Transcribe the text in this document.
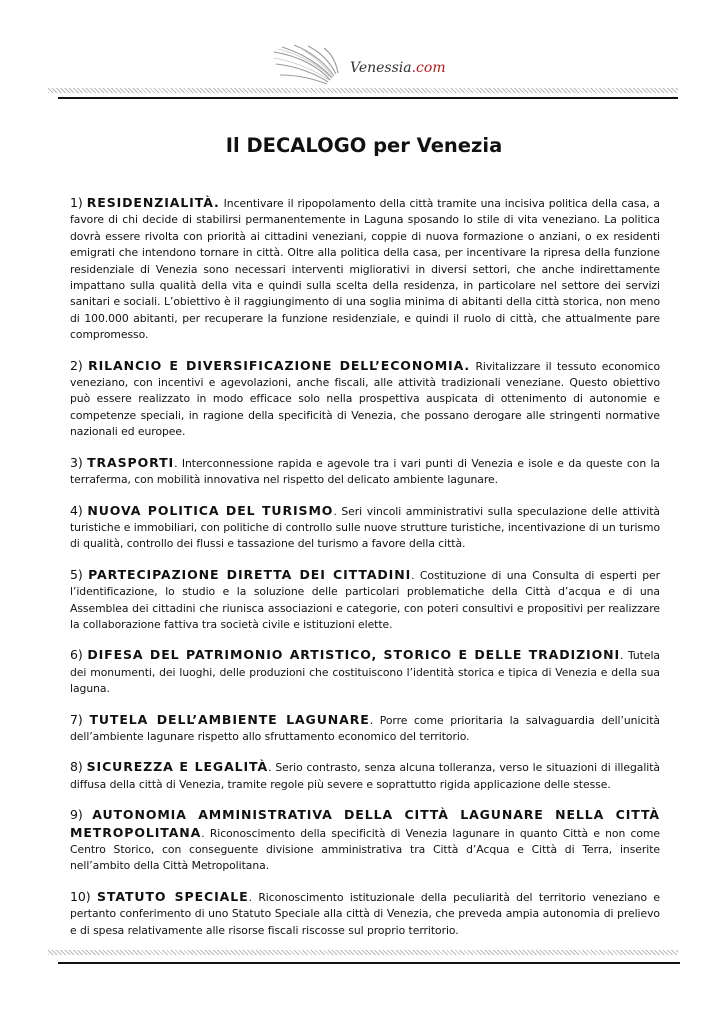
Venessia.com
Il DECALOGO per Venezia

1) RESIDENZIALITÀ. Incentivare il ripopolamento della città tramite una incisiva politica della casa, a favore di chi decide di stabilirsi permanentemente in Laguna sposando lo stile di vita veneziano. La politica dovrà essere rivolta con priorità ai cittadini veneziani, coppie di nuova formazione o anziani, o ex residenti emigrati che intendono tornare in città. Oltre alla politica della casa, per incentivare la ripresa della funzione residenziale di Venezia sono necessari interventi migliorativi in diversi settori, che anche indirettamente impattano sulla qualità della vita e quindi sulla scelta della residenza, in particolare nel settore dei servizi sanitari e sociali. L’obiettivo è il raggiungimento di una soglia minima di abitanti della città storica, non meno di 100.000 abitanti, per recuperare la funzione residenziale, e quindi il ruolo di città, che attualmente pare compromesso.

2) RILANCIO E DIVERSIFICAZIONE DELL’ECONOMIA. Rivitalizzare il tessuto economico veneziano, con incentivi e agevolazioni, anche fiscali, alle attività tradizionali veneziane. Questo obiettivo può essere realizzato in modo efficace solo nella prospettiva auspicata di ottenimento di autonomie e competenze speciali, in ragione della specificità di Venezia, che possano derogare alle stringenti normative nazionali ed europee.

3) TRASPORTI. Interconnessione rapida e agevole tra i vari punti di Venezia e isole e da queste con la terraferma, con mobilità innovativa nel rispetto del delicato ambiente lagunare.

4) NUOVA POLITICA DEL TURISMO. Seri vincoli amministrativi sulla speculazione delle attività turistiche e immobiliari, con politiche di controllo sulle nuove strutture turistiche, incentivazione di un turismo di qualità, controllo dei flussi e tassazione del turismo a favore della città.

5) PARTECIPAZIONE DIRETTA DEI CITTADINI. Costituzione di una Consulta di esperti per l’identificazione, lo studio e la soluzione delle particolari problematiche della Città d’acqua e di una Assemblea dei cittadini che riunisca associazioni e categorie, con poteri consultivi e propositivi per realizzare la collaborazione fattiva tra società civile e istituzioni elette.

6) DIFESA DEL PATRIMONIO ARTISTICO, STORICO E DELLE TRADIZIONI. Tutela dei monumenti, dei luoghi, delle produzioni che costituiscono l’identità storica e tipica di Venezia e della sua laguna.

7) TUTELA DELL’AMBIENTE LAGUNARE. Porre come prioritaria la salvaguardia dell’unicità dell’ambiente lagunare rispetto allo sfruttamento economico del territorio.

8) SICUREZZA E LEGALITÀ. Serio contrasto, senza alcuna tolleranza, verso le situazioni di illegalità diffusa della città di Venezia, tramite regole più severe e soprattutto rigida applicazione delle stesse.

9) AUTONOMIA AMMINISTRATIVA DELLA CITTÀ LAGUNARE NELLA CITTÀ METROPOLITANA. Riconoscimento della specificità di Venezia lagunare in quanto Città e non come Centro Storico, con conseguente divisione amministrativa tra Città d’Acqua e Città di Terra, inserite nell’ambito della Città Metropolitana.

10) STATUTO SPECIALE. Riconoscimento istituzionale della peculiarità del territorio veneziano e pertanto conferimento di uno Statuto Speciale alla città di Venezia, che preveda ampia autonomia di prelievo e di spesa relativamente alle risorse fiscali riscosse sul proprio territorio.
